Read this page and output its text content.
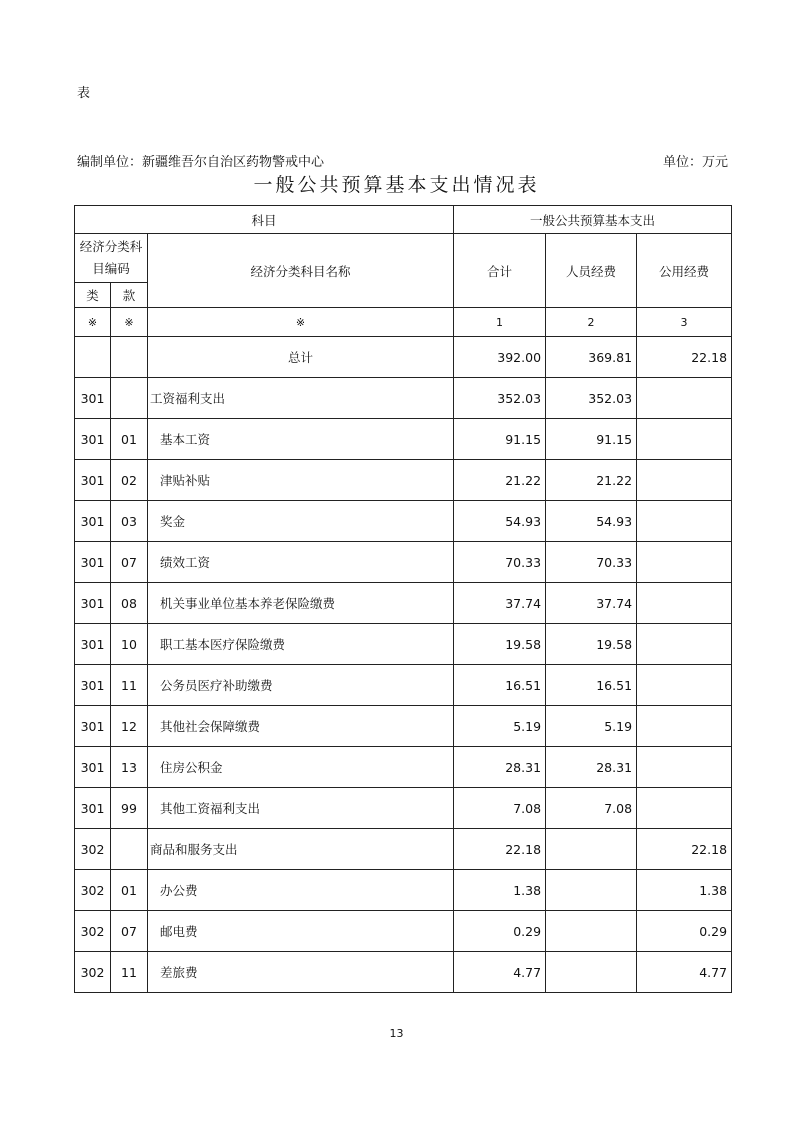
表
编制单位：新疆维吾尔自治区药物警戒中心	单位：万元
一般公共预算基本支出情况表
科目			一般公共预算基本支出		
经济分类科目编码		经济分类科目名称	合计	人员经费	公用经费
类	款				
※	※	※	1	2	3
		总计	392.00	369.81	22.18
301		工资福利支出	352.03	352.03	
301	01	基本工资	91.15	91.15	
301	02	津贴补贴	21.22	21.22	
301	03	奖金	54.93	54.93	
301	07	绩效工资	70.33	70.33	
301	08	机关事业单位基本养老保险缴费	37.74	37.74	
301	10	职工基本医疗保险缴费	19.58	19.58	
301	11	公务员医疗补助缴费	16.51	16.51	
301	12	其他社会保障缴费	5.19	5.19	
301	13	住房公积金	28.31	28.31	
301	99	其他工资福利支出	7.08	7.08	
302		商品和服务支出	22.18		22.18
302	01	办公费	1.38		1.38
302	07	邮电费	0.29		0.29
302	11	差旅费	4.77		4.77
13
